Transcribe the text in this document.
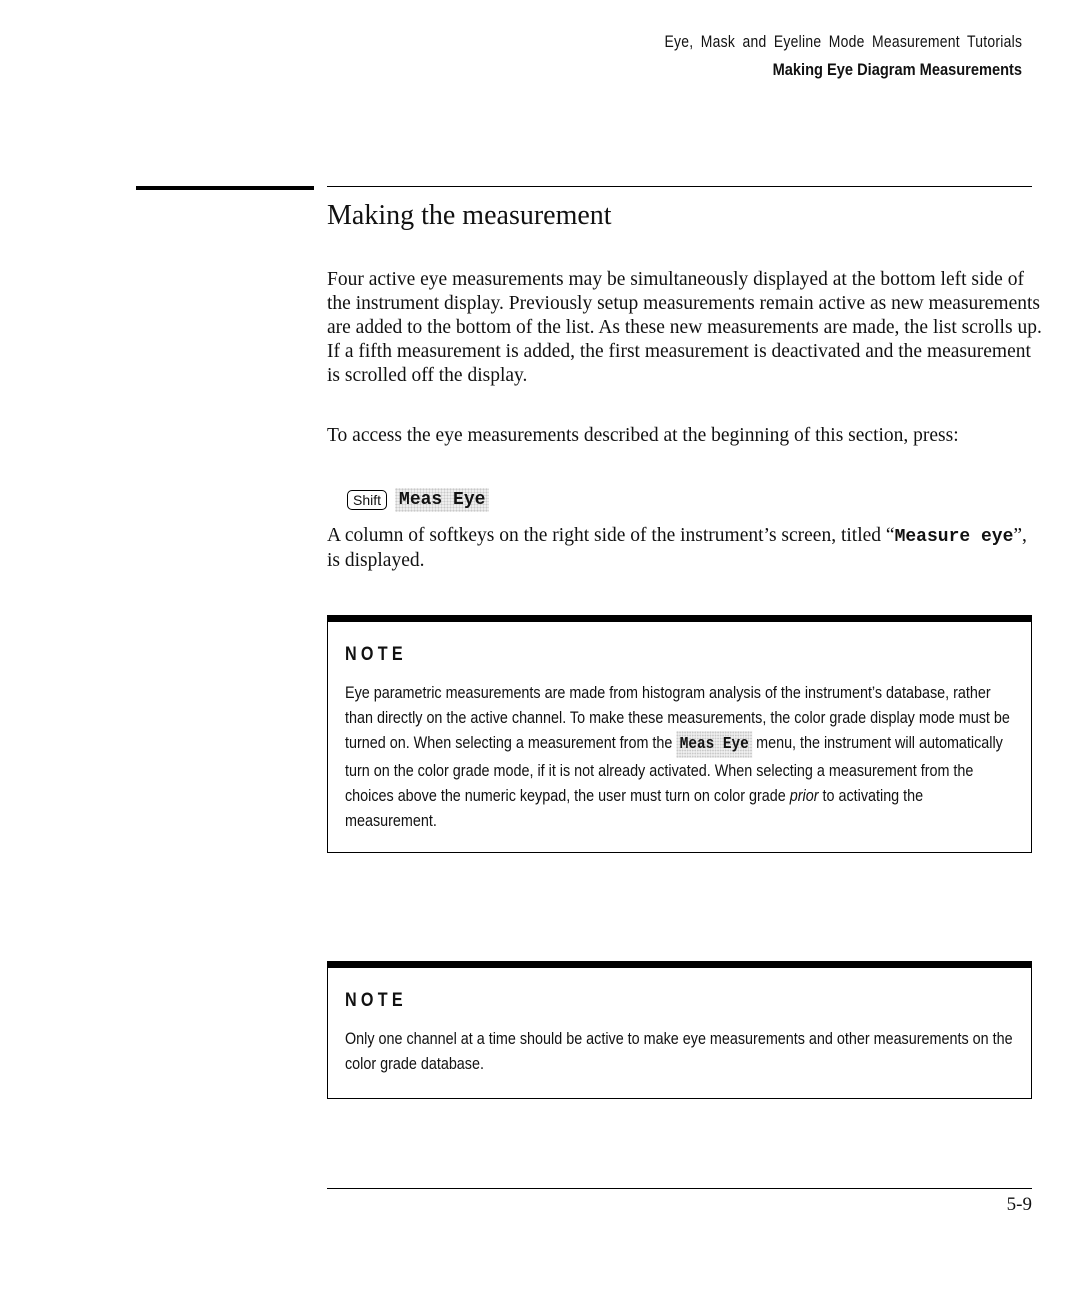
Eye, Mask and Eyeline Mode Measurement Tutorials
Making Eye Diagram Measurements
Making the measurement

Four active eye measurements may be simultaneously displayed at the bottom left side of the instrument display. Previously setup measurements remain active as new measurements are added to the bottom of the list. As these new measurements are made, the list scrolls up. If a fifth measurement is added, the first measurement is deactivated and the measurement is scrolled off the display.

To access the eye measurements described at the beginning of this section, press:

Shift	Meas Eye

A column of softkeys on the right side of the instrument’s screen, titled “Measure eye”, is displayed.

NOTE

Eye parametric measurements are made from histogram analysis of the instrument’s database, rather than directly on the active channel. To make these measurements, the color grade display mode must be turned on. When selecting a measurement from the Meas Eye menu, the instrument will automatically turn on the color grade mode, if it is not already activated. When selecting a measurement from the choices above the numeric keypad, the user must turn on color grade prior to activating the measurement.

NOTE

Only one channel at a time should be active to make eye measurements and other measurements on the color grade database.

5-9
